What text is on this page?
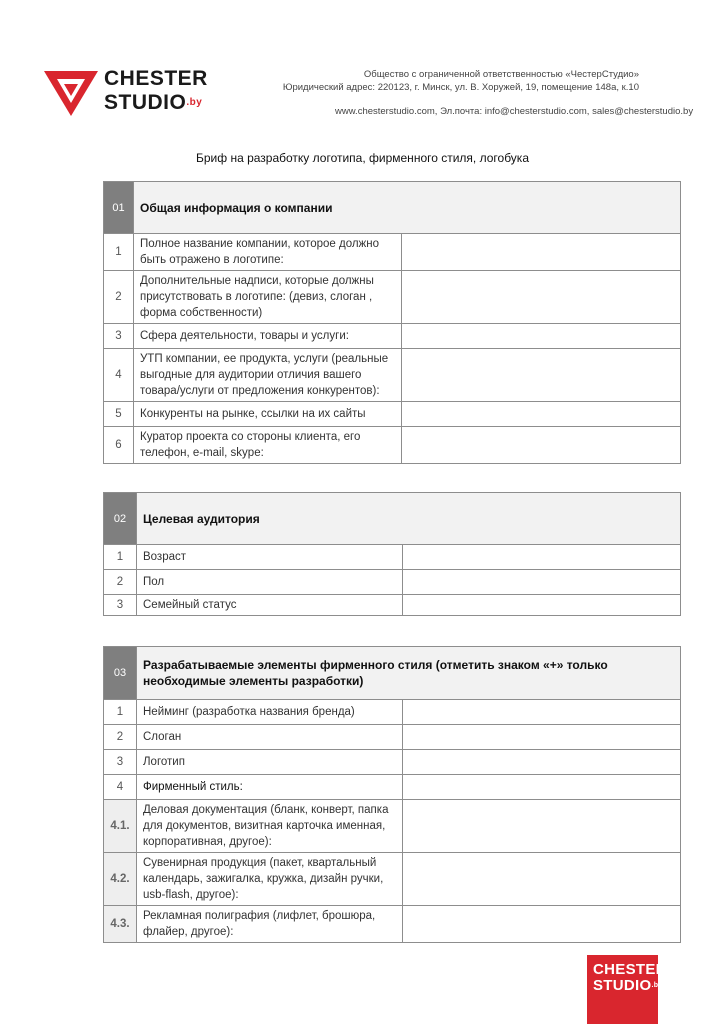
CHESTER
$STUDIO^{.by}$
Общество с ограниченной ответственностью «ЧестерСтудио»
Юридический адрес: 220123, г. Минск, ул. В. Хоружей, 19, помещение 148а, к.10
www.chesterstudio.com, Эл.почта: info@chesterstudio.com, sales@chesterstudio.by
Бриф на разработку логотипа, фирменного стиля, логобука
01	Общая информация о компании	
1	Полное название компании, которое должно быть отражено в логотипе:	
2	Дополнительные надписи, которые должны присутствовать в логотипе: (девиз, слоган , форма собственности)	
3	Сфера деятельности, товары и услуги:	
4	УТП компании, ее продукта, услуги (реальные выгодные для аудитории отличия вашего товара/услуги от предложения конкурентов):	
5	Конкуренты на рынке, ссылки на их сайты	
6	Куратор проекта со стороны клиента, его телефон, e-mail, skype:	
02	Целевая аудитория	
1	Возраст	
2	Пол	
3	Семейный статус	
03	Разрабатываемые элементы фирменного стиля (отметить знаком «+» только необходимые элементы разработки)	
1	Нейминг (разработка названия бренда)	
2	Слоган	
3	Логотип	
4	Фирменный стиль:	
4.1.	Деловая документация (бланк, конверт, папка для документов, визитная карточка именная, корпоративная, другое):	
4.2.	Сувенирная продукция (пакет, квартальный календарь, зажигалка, кружка, дизайн ручки, usb-flash, другое):	
4.3.	Рекламная полиграфия (лифлет, брошюра, флайер, другое):	
CHESTER
$STUDIO^{.by}$
